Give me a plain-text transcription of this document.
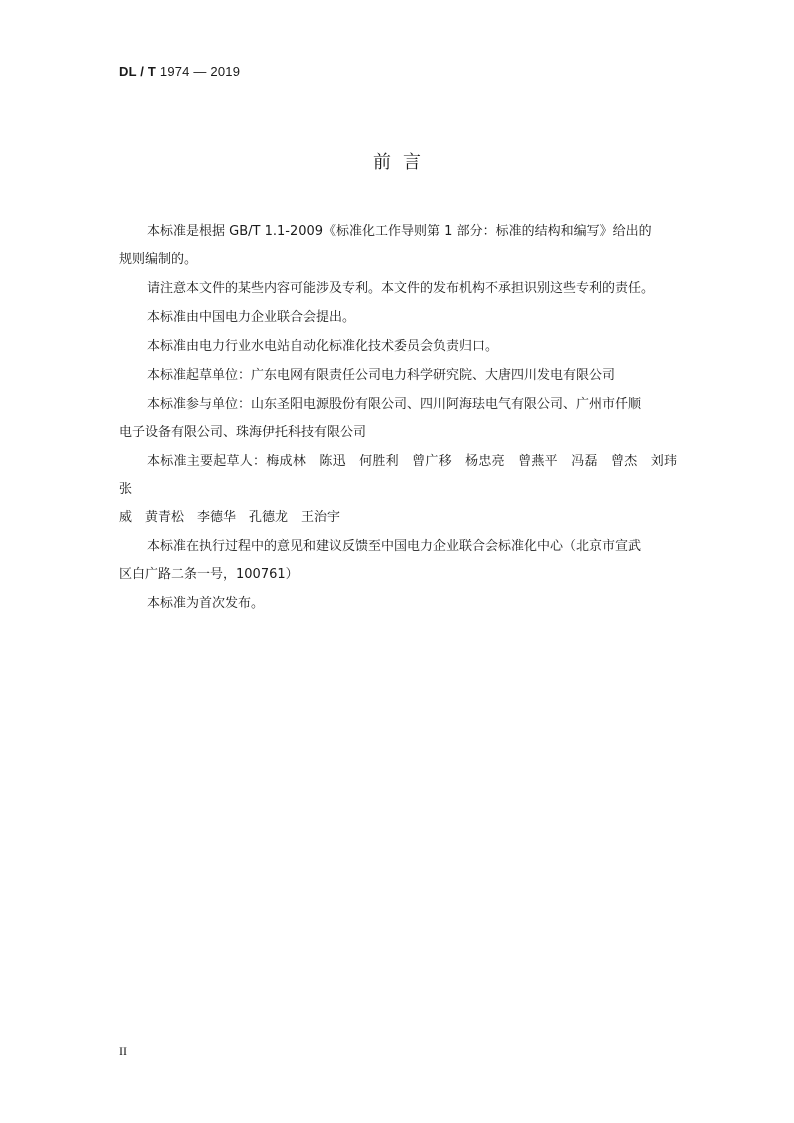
DL / T 1974 — 2019
前言

本标准是根据 GB/T 1.1-2009《标准化工作导则第 1 部分：标准的结构和编写》给出的
规则编制的。

请注意本文件的某些内容可能涉及专利。本文件的发布机构不承担识别这些专利的责任。

本标准由中国电力企业联合会提出。

本标准由电力行业水电站自动化标准化技术委员会负责归口。

本标准起草单位：广东电网有限责任公司电力科学研究院、大唐四川发电有限公司

本标准参与单位：山东圣阳电源股份有限公司、四川阿海珐电气有限公司、广州市仟顺
电子设备有限公司、珠海伊托科技有限公司

本标准主要起草人：梅成林　陈迅　何胜利　曾广移　杨忠亮　曾燕平　冯磊　曾杰　刘玮　张
威　黄青松　李德华　孔德龙　王治宇

本标准在执行过程中的意见和建议反馈至中国电力企业联合会标准化中心（北京市宣武
区白广路二条一号，100761）

本标准为首次发布。

II
